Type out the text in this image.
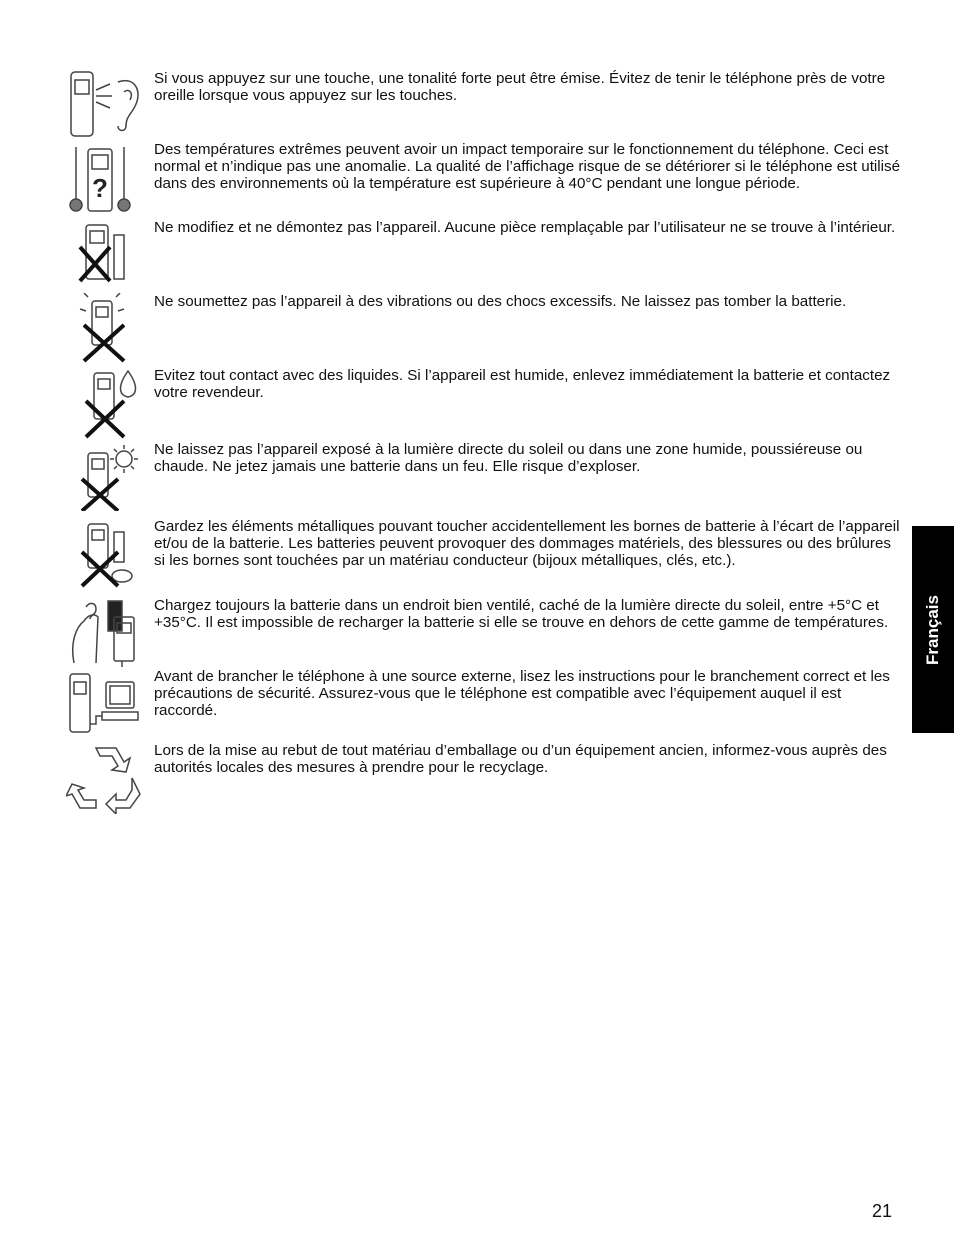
Si vous appuyez sur une touche, une tonalité forte peut être émise. Évitez de tenir le téléphone près de votre oreille lorsque vous appuyez sur les touches.

?

Des températures extrêmes peuvent avoir un impact temporaire sur le fonctionnement du téléphone. Ceci est normal et n’indique pas une anomalie. La qualité de l’affichage risque de se détériorer si le téléphone est utilisé dans des environnements où la température est supérieure à 40°C pendant une longue période.

Ne modifiez et ne démontez pas l’appareil. Aucune pièce remplaçable par l’utilisateur ne se trouve à l’intérieur.

Ne soumettez pas l’appareil à des vibrations ou des chocs excessifs. Ne laissez pas tomber la batterie.

Evitez tout contact avec des liquides. Si l’appareil est humide, enlevez immédiatement la batterie et contactez votre revendeur.

Ne laissez pas l’appareil exposé à la lumière directe du soleil ou dans une zone humide, poussiéreuse ou chaude. Ne jetez jamais une batterie dans un feu. Elle risque d’exploser.

Gardez les éléments métalliques pouvant toucher accidentellement les bornes de batterie à l’écart de l’appareil et/ou de la batterie. Les batteries peuvent provoquer des dommages matériels, des blessures ou des brûlures si les bornes sont touchées par un matériau conducteur (bijoux métalliques, clés, etc.).

Chargez toujours la batterie dans un endroit bien ventilé, caché de la lumière directe du soleil, entre +5°C et +35°C. Il est impossible de recharger la batterie si elle se trouve en dehors de cette gamme de températures.

Avant de brancher le téléphone à une source externe, lisez les instructions pour le branchement correct et les précautions de sécurité. Assurez-vous que le téléphone est compatible avec l’équipement auquel il est raccordé.

Lors de la mise au rebut de tout matériau d’emballage ou d’un équipement ancien, informez-vous auprès des autorités locales des mesures à prendre pour le recyclage.

Français
21
